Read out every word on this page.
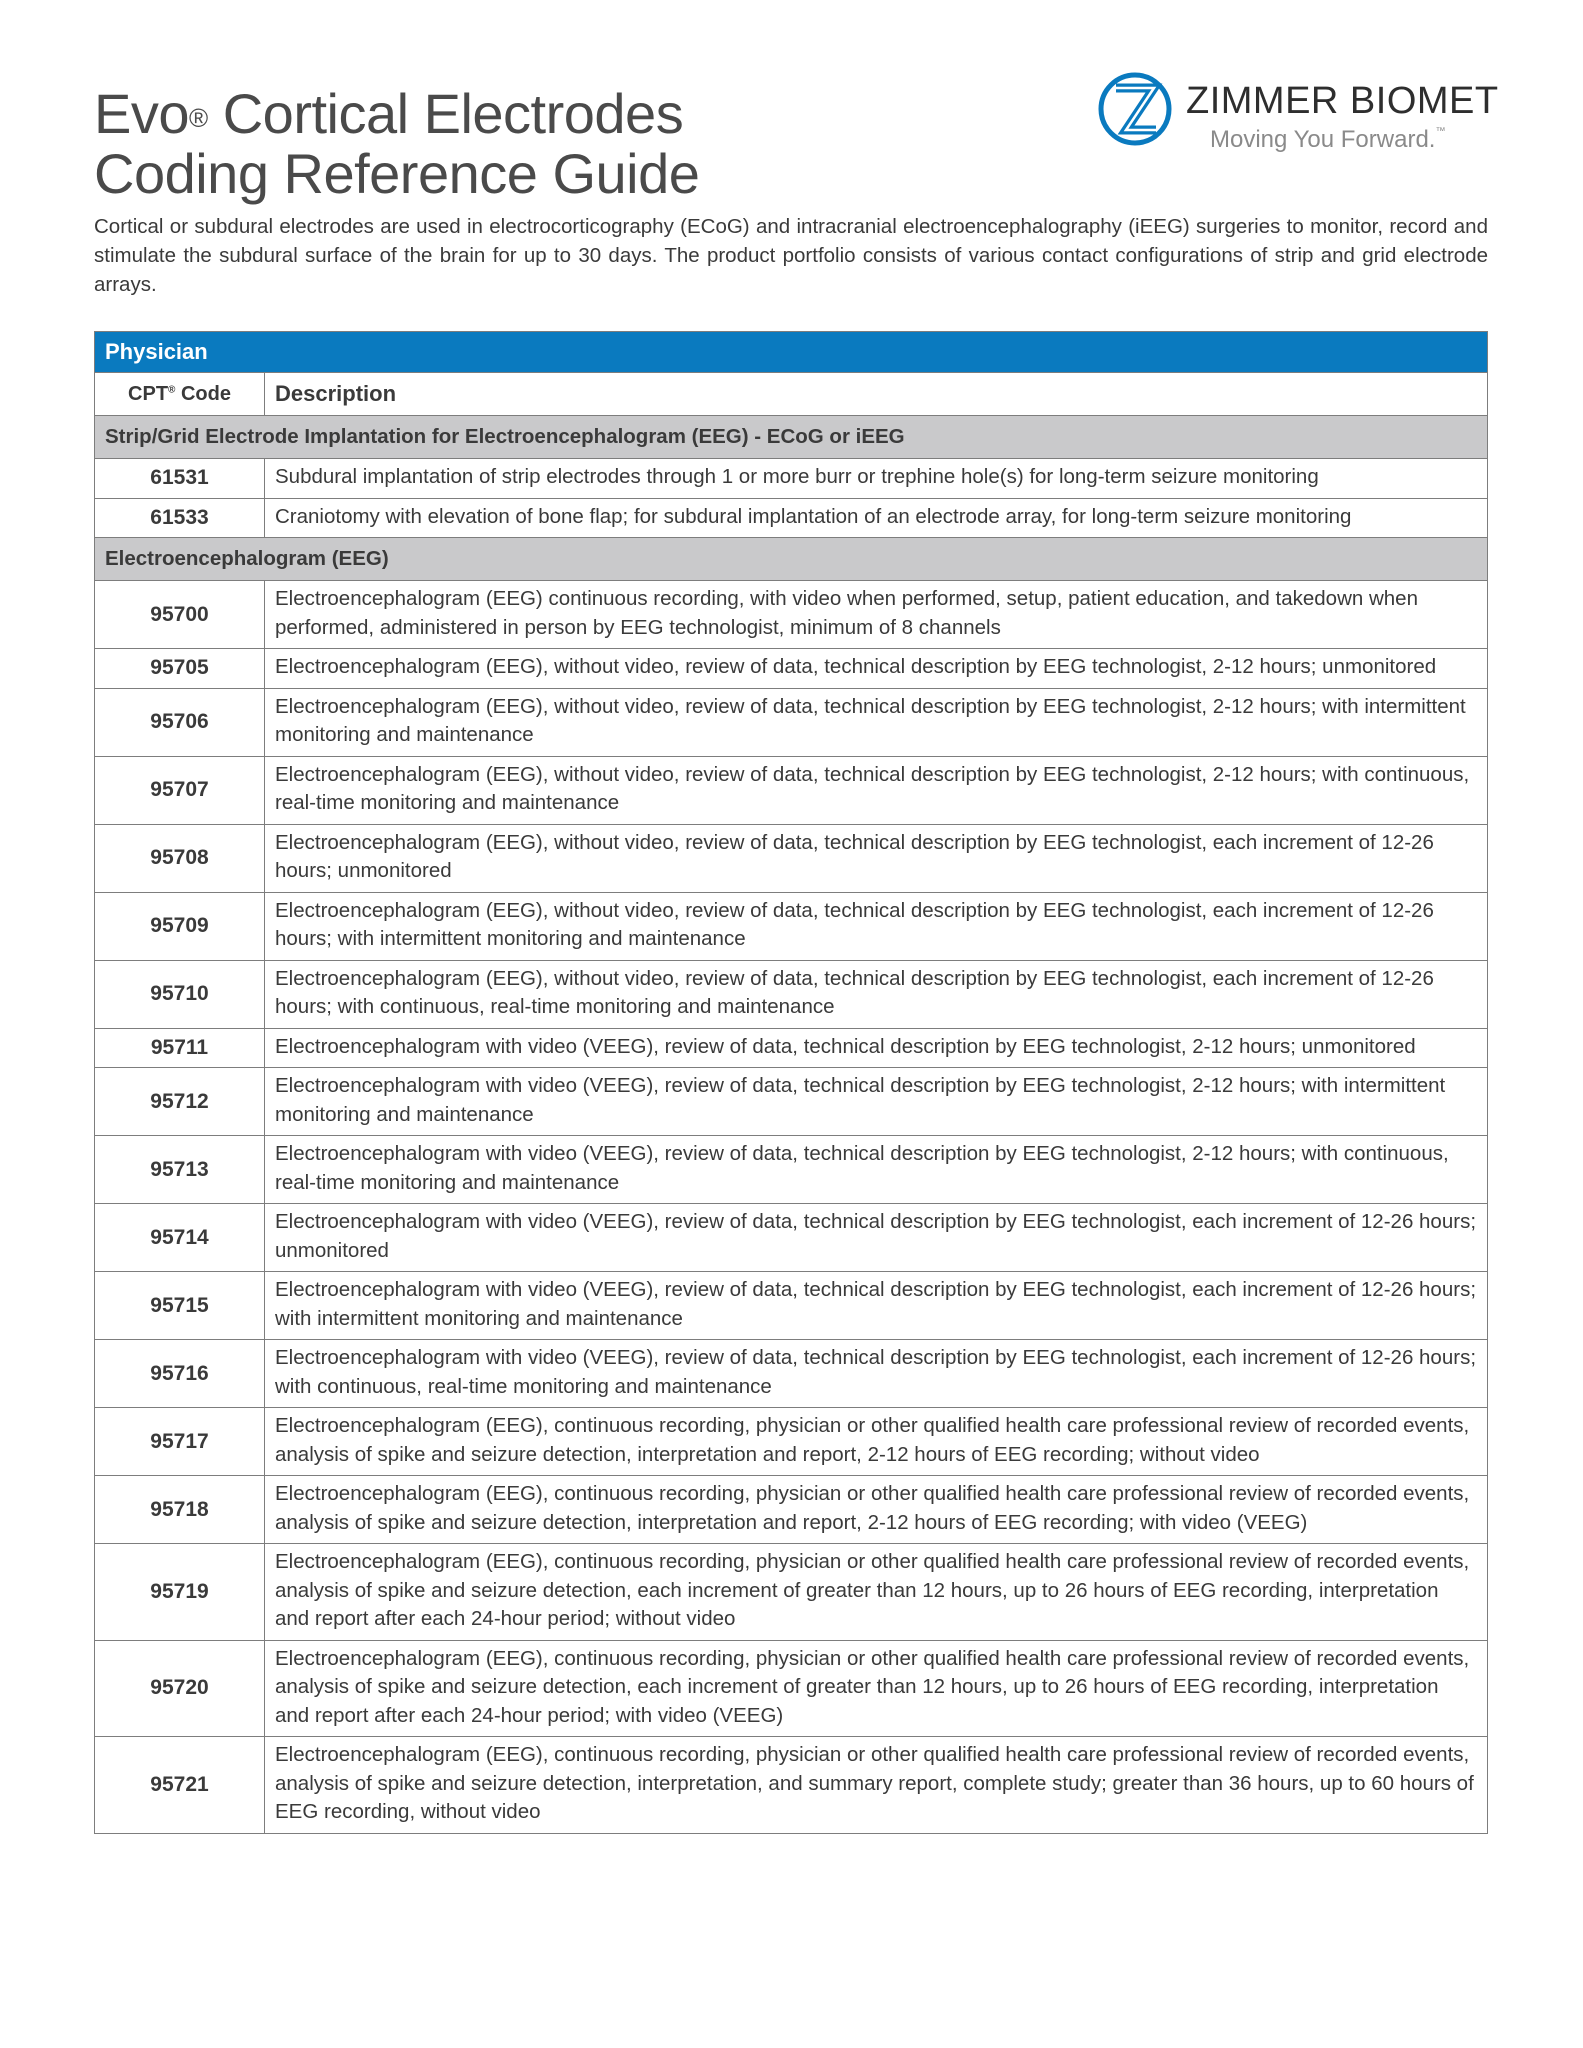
Evo® Cortical Electrodes
Coding Reference Guide
ZIMMER BIOMET
Moving You Forward.™

Cortical or subdural electrodes are used in electrocorticography (ECoG) and intracranial electroencephalography (iEEG) surgeries to monitor, record and stimulate the subdural surface of the brain for up to 30 days. The product portfolio consists of various contact configurations of strip and grid electrode arrays.

Physician	
CPT® Code	Description
Strip/Grid Electrode Implantation for Electroencephalogram (EEG) - ECoG or iEEG	
61531	Subdural implantation of strip electrodes through 1 or more burr or trephine hole(s) for long-term seizure monitoring
61533	Craniotomy with elevation of bone flap; for subdural implantation of an electrode array, for long-term seizure monitoring
Electroencephalogram (EEG)	
95700	Electroencephalogram (EEG) continuous recording, with video when performed, setup, patient education, and takedown when performed, administered in person by EEG technologist, minimum of 8 channels
95705	Electroencephalogram (EEG), without video, review of data, technical description by EEG technologist, 2-12 hours; unmonitored
95706	Electroencephalogram (EEG), without video, review of data, technical description by EEG technologist, 2-12 hours; with intermittent monitoring and maintenance
95707	Electroencephalogram (EEG), without video, review of data, technical description by EEG technologist, 2-12 hours; with continuous, real-time monitoring and maintenance
95708	Electroencephalogram (EEG), without video, review of data, technical description by EEG technologist, each increment of 12-26 hours; unmonitored
95709	Electroencephalogram (EEG), without video, review of data, technical description by EEG technologist, each increment of 12-26 hours; with intermittent monitoring and maintenance
95710	Electroencephalogram (EEG), without video, review of data, technical description by EEG technologist, each increment of 12-26 hours; with continuous, real-time monitoring and maintenance
95711	Electroencephalogram with video (VEEG), review of data, technical description by EEG technologist, 2-12 hours; unmonitored
95712	Electroencephalogram with video (VEEG), review of data, technical description by EEG technologist, 2-12 hours; with intermittent monitoring and maintenance
95713	Electroencephalogram with video (VEEG), review of data, technical description by EEG technologist, 2-12 hours; with continuous, real-time monitoring and maintenance
95714	Electroencephalogram with video (VEEG), review of data, technical description by EEG technologist, each increment of 12-26 hours; unmonitored
95715	Electroencephalogram with video (VEEG), review of data, technical description by EEG technologist, each increment of 12-26 hours; with intermittent monitoring and maintenance
95716	Electroencephalogram with video (VEEG), review of data, technical description by EEG technologist, each increment of 12-26 hours; with continuous, real-time monitoring and maintenance
95717	Electroencephalogram (EEG), continuous recording, physician or other qualified health care professional review of recorded events, analysis of spike and seizure detection, interpretation and report, 2-12 hours of EEG recording; without video
95718	Electroencephalogram (EEG), continuous recording, physician or other qualified health care professional review of recorded events, analysis of spike and seizure detection, interpretation and report, 2-12 hours of EEG recording; with video (VEEG)
95719	Electroencephalogram (EEG), continuous recording, physician or other qualified health care professional review of recorded events, analysis of spike and seizure detection, each increment of greater than 12 hours, up to 26 hours of EEG recording, interpretation and report after each 24-hour period; without video
95720	Electroencephalogram (EEG), continuous recording, physician or other qualified health care professional review of recorded events, analysis of spike and seizure detection, each increment of greater than 12 hours, up to 26 hours of EEG recording, interpretation and report after each 24-hour period; with video (VEEG)
95721	Electroencephalogram (EEG), continuous recording, physician or other qualified health care professional review of recorded events, analysis of spike and seizure detection, interpretation, and summary report, complete study; greater than 36 hours, up to 60 hours of EEG recording, without video
